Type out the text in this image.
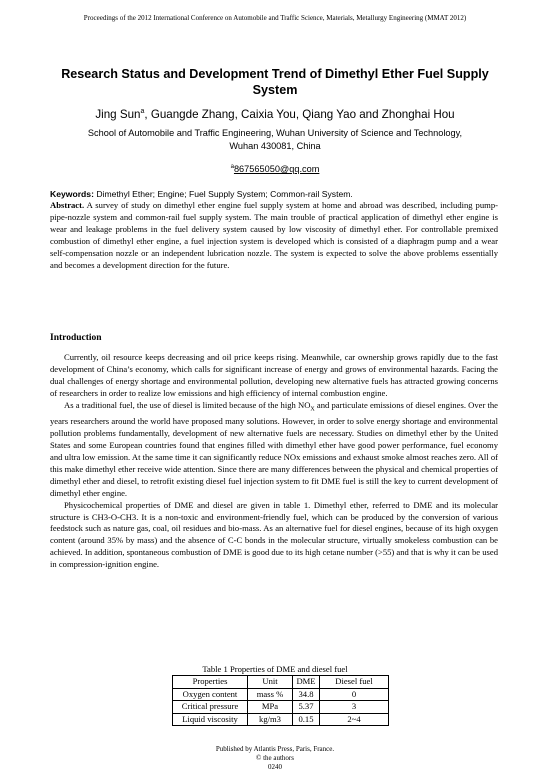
Proceedings of the 2012 International Conference on Automobile and Traffic Science, Materials, Metallurgy Engineering (MMAT 2012)
Research Status and Development Trend of Dimethyl Ether Fuel Supply
System
Jing Sun$^a$, Guangde Zhang, Caixia You, Qiang Yao and Zhonghai Hou
School of Automobile and Traffic Engineering, Wuhan University of Science and Technology,
Wuhan 430081, China
$^a$867565050@qq.com
Keywords: Dimethyl Ether; Engine; Fuel Supply System; Common-rail System.
Abstract. A survey of study on dimethyl ether engine fuel supply system at home and abroad was described, including pump-pipe-nozzle system and common-rail fuel supply system. The main trouble of practical application of dimethyl ether engine is wear and leakage problems in the fuel delivery system caused by low viscosity of dimethyl ether. For controllable premixed combustion of dimethyl ether engine, a fuel injection system is developed which is consisted of a diaphragm pump and a wear self-compensation nozzle or an independent lubrication nozzle. The system is expected to solve the above problems essentially and becomes a development direction for the future.
Introduction

Currently, oil resource keeps decreasing and oil price keeps rising. Meanwhile, car ownership grows rapidly due to the fast development of China’s economy, which calls for significant increase of energy and grows of environmental hazards. Facing the dual challenges of energy shortage and environmental pollution, developing new alternative fuels has attracted growing concerns of researchers in order to realize low emissions and high efficiency of internal combustion engine.

As a traditional fuel, the use of diesel is limited because of the high $NO_X$ and particulate emissions of diesel engines. Over the years researchers around the world have proposed many solutions. However, in order to solve energy shortage and environmental pollution problems fundamentally, development of new alternative fuels are necessary. Studies on dimethyl ether by the United States and some European countries found that engines filled with dimethyl ether have good power performance, fuel economy and ultra low emission. At the same time it can significantly reduce NOx emissions and exhaust smoke almost reaches zero. All of this make dimethyl ether receive wide attention. Since there are many differences between the physical and chemical properties of dimethyl ether and diesel, to retrofit existing diesel fuel injection system to fit DME fuel is still the key to current development of dimethyl ether engine.

Physicochemical properties of DME and diesel are given in table 1. Dimethyl ether, referred to DME and its molecular structure is CH3-O-CH3. It is a non-toxic and environment-friendly fuel, which can be produced by the conversion of various feedstock such as nature gas, coal, oil residues and bio-mass. As an alternative fuel for diesel engines, because of its high oxygen content (around 35% by mass) and the absence of C-C bonds in the molecular structure, virtually smokeless combustion can be achieved. In addition, spontaneous combustion of DME is good due to its high cetane number (>55) and that is why it can be used in compression-ignition engine.

Table 1 Properties of DME and diesel fuel
Properties	Unit	DME	Diesel fuel
Oxygen content	mass %	34.8	0
Critical pressure	MPa	5.37	3
Liquid viscosity	kg/m3	0.15	2~4
Published by Atlantis Press, Paris, France.
© the authors
0240
